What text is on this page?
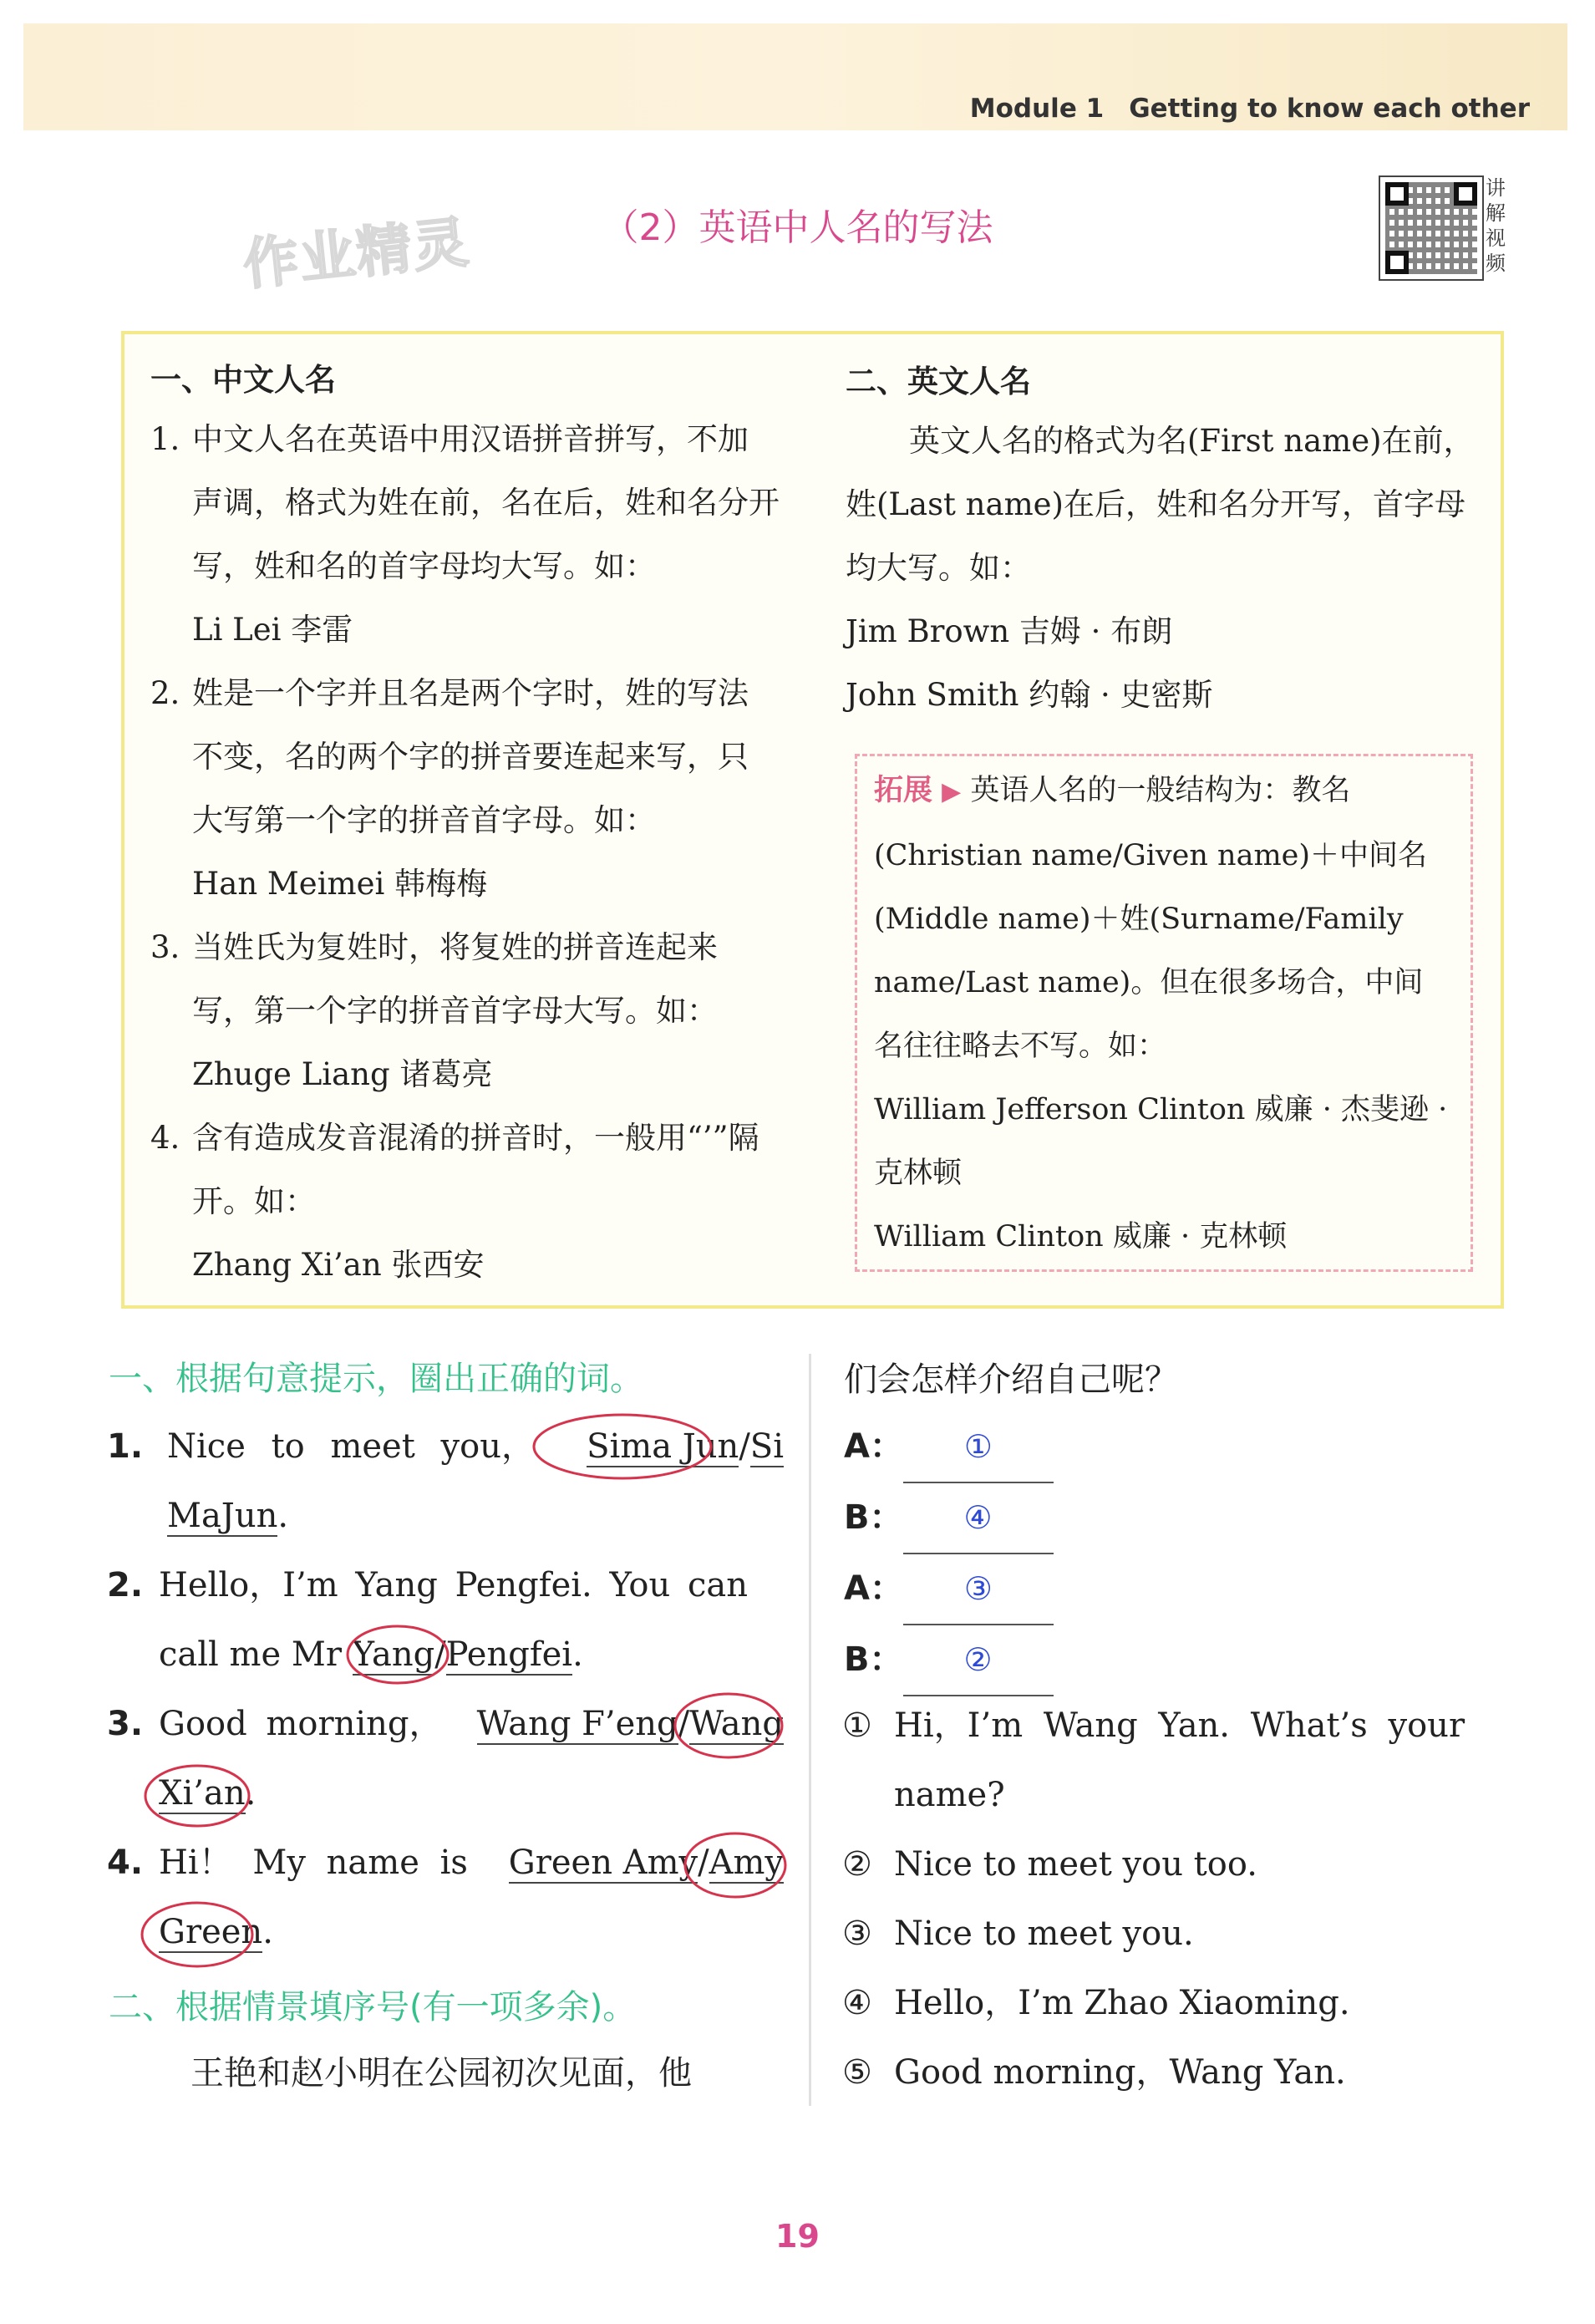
Module 1 Getting to know each other
作业精灵	（2）英语中人名的写法
讲
解
视
频
一、中文人名
1. 中文人名在英语中用汉语拼音拼写，不加
声调，格式为姓在前，名在后，姓和名分开
写，姓和名的首字母均大写。如：
Li Lei 李雷
2. 姓是一个字并且名是两个字时，姓的写法
不变，名的两个字的拼音要连起来写，只
大写第一个字的拼音首字母。如：
Han Meimei 韩梅梅
3. 当姓氏为复姓时，将复姓的拼音连起来
写，第一个字的拼音首字母大写。如：
Zhuge Liang 诸葛亮
4. 含有造成发音混淆的拼音时，一般用“’”隔
开。如：
Zhang Xi’an 张西安
二、英文人名
英文人名的格式为名(First name)在前，
姓(Last name)在后，姓和名分开写，首字母
均大写。如：
Jim Brown 吉姆 · 布朗
John Smith 约翰 · 史密斯
拓展 ▶ 英语人名的一般结构为：教名
(Christian name/Given name)＋中间名
(Middle name)＋姓(Surname/Family
name/Last name)。但在很多场合，中间
名往往略去不写。如：
William Jefferson Clinton 威廉 · 杰斐逊 ·
克林顿
William Clinton 威廉 · 克林顿
一、根据句意提示，圈出正确的词。
1. Nice to meet you， Sima Jun/Si
MaJun.
2. Hello，I’m Yang Pengfei. You can
call me Mr Yang/Pengfei.
3. Good morning， Wang F’eng/Wang
Xi’an.
4. Hi！ My name is Green Amy/Amy
Green.
二、根据情景填序号(有一项多余)。
王艳和赵小明在公园初次见面，他
们会怎样介绍自己呢？
A： ①
B： ④
A： ③
B： ②
① Hi，I’m Wang Yan. What’s your
name?
② Nice to meet you too.
③ Nice to meet you.
④ Hello，I’m Zhao Xiaoming.
⑤ Good morning，Wang Yan.
19
